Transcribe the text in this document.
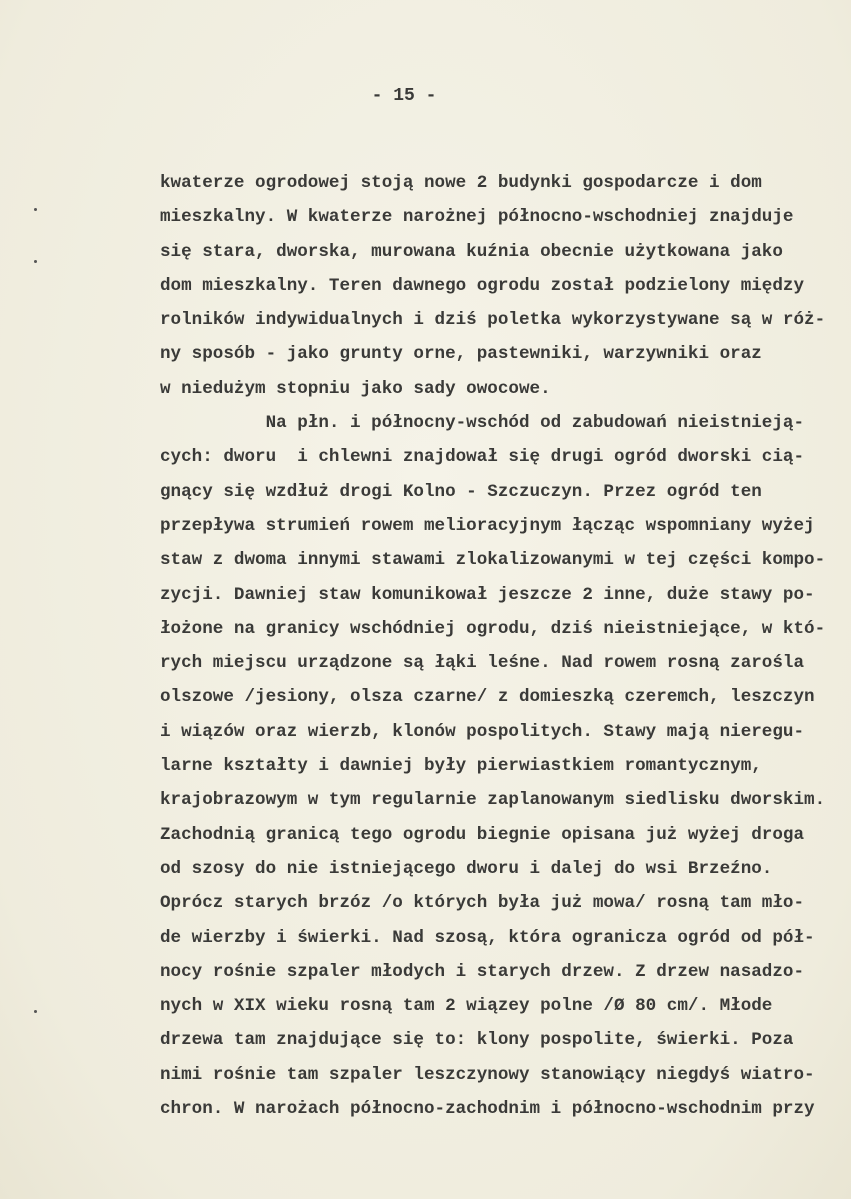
- 15 -
kwaterze ogrodowej stoją nowe 2 budynki gospodarcze i dom
mieszkalny. W kwaterze narożnej północno-wschodniej znajduje
się stara, dworska, murowana kuźnia obecnie użytkowana jako
dom mieszkalny. Teren dawnego ogrodu został podzielony między
rolników indywidualnych i dziś poletka wykorzystywane są w róż-
ny sposób - jako grunty orne, pastewniki, warzywniki oraz
w niedużym stopniu jako sady owocowe.
Na płn. i północny-wschód od zabudowań nieistnieją-
cych: dworu  i chlewni znajdował się drugi ogród dworski cią-
gnący się wzdłuż drogi Kolno - Szczuczyn. Przez ogród ten
przepływa strumień rowem melioracyjnym łącząc wspomniany wyżej
staw z dwoma innymi stawami zlokalizowanymi w tej części kompo-
zycji. Dawniej staw komunikował jeszcze 2 inne, duże stawy po-
łożone na granicy wschódniej ogrodu, dziś nieistniejące, w któ-
rych miejscu urządzone są łąki leśne. Nad rowem rosną zarośla
olszowe /jesiony, olsza czarne/ z domieszką czeremch, leszczyn
i wiązów oraz wierzb, klonów pospolitych. Stawy mają nieregu-
larne kształty i dawniej były pierwiastkiem romantycznym,
krajobrazowym w tym regularnie zaplanowanym siedlisku dworskim.
Zachodnią granicą tego ogrodu biegnie opisana już wyżej droga
od szosy do nie istniejącego dworu i dalej do wsi Brzeźno.
Oprócz starych brzóz /o których była już mowa/ rosną tam mło-
de wierzby i świerki. Nad szosą, która ogranicza ogród od pół-
nocy rośnie szpaler młodych i starych drzew. Z drzew nasadzo-
nych w XIX wieku rosną tam 2 wiązey polne /Ø 80 cm/. Młode
drzewa tam znajdujące się to: klony pospolite, świerki. Poza
nimi rośnie tam szpaler leszczynowy stanowiący niegdyś wiatro-
chron. W narożach północno-zachodnim i północno-wschodnim przy
